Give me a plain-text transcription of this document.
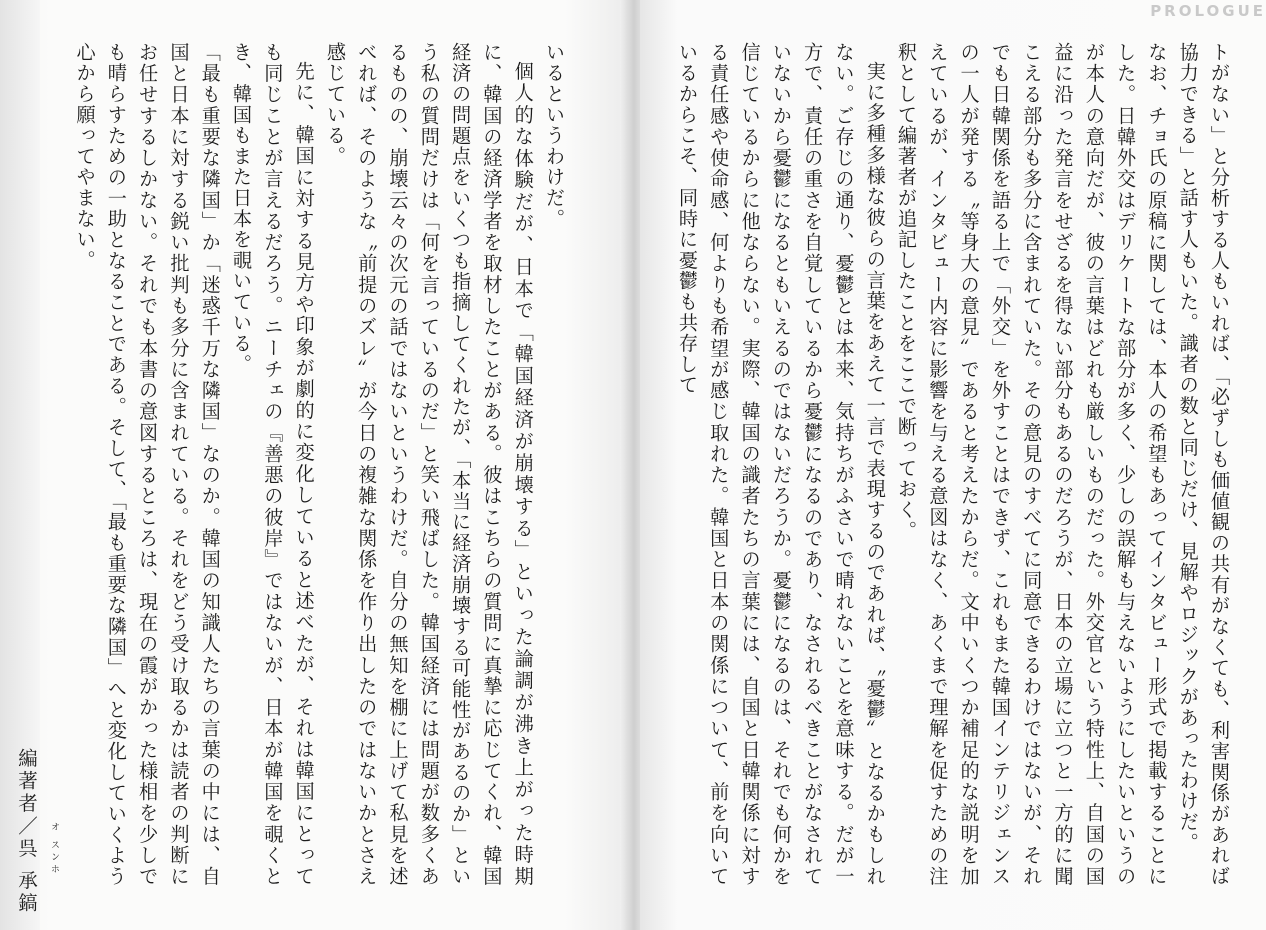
いるというわけだ。

個人的な体験だが、日本で「韓国経済が崩壊する」といった論調が沸き上がった時期に、韓国の経済学者を取材したことがある。彼はこちらの質問に真摯に応じてくれ、韓国経済の問題点をいくつも指摘してくれたが、「本当に経済崩壊する可能性があるのか」という私の質問だけは「何を言っているのだ」と笑い飛ばした。韓国経済には問題が数多くあるものの、崩壊云々の次元の話ではないというわけだ。自分の無知を棚に上げて私見を述べれば、そのような〝前提のズレ〟が今日の複雑な関係を作り出したのではないかとさえ感じている。

先に、韓国に対する見方や印象が劇的に変化していると述べたが、それは韓国にとっても同じことが言えるだろう。ニーチェの『善悪の彼岸』ではないが、日本が韓国を覗くとき、韓国もまた日本を覗いている。

「最も重要な隣国」か「迷惑千万な隣国」なのか。韓国の知識人たちの言葉の中には、自国と日本に対する鋭い批判も多分に含まれている。それをどう受け取るかは読者の判断にお任せするしかない。それでも本書の意図するところは、現在の霞がかった様相を少しでも晴らすための一助となることである。そして、「最も重要な隣国」へと変化していくよう心から願ってやまない。

編著者／呉 承鎬 オ スンホ
PROLOGUE

トがない」と分析する人もいれば、「必ずしも価値観の共有がなくても、利害関係があれば協力できる」と話す人もいた。識者の数と同じだけ、見解やロジックがあったわけだ。

なお、チョ氏の原稿に関しては、本人の希望もあってインタビュー形式で掲載することにした。日韓外交はデリケートな部分が多く、少しの誤解も与えないようにしたいというのが本人の意向だが、彼の言葉はどれも厳しいものだった。外交官という特性上、自国の国益に沿った発言をせざるを得ない部分もあるのだろうが、日本の立場に立つと一方的に聞こえる部分も多分に含まれていた。その意見のすべてに同意できるわけではないが、それでも日韓関係を語る上で「外交」を外すことはできず、これもまた韓国インテリジェンスの一人が発する〝等身大の意見〟であると考えたからだ。文中いくつか補足的な説明を加えているが、インタビュー内容に影響を与える意図はなく、あくまで理解を促すための注釈として編著者が追記したことをここで断っておく。

実に多種多様な彼らの言葉をあえて一言で表現するのであれば、〝憂鬱〟となるかもしれない。ご存じの通り、憂鬱とは本来、気持ちがふさいで晴れないことを意味する。だが一方で、責任の重さを自覚しているから憂鬱になるのであり、なされるべきことがなされていないから憂鬱になるともいえるのではないだろうか。憂鬱になるのは、それでも何かを信じているからに他ならない。実際、韓国の識者たちの言葉には、自国と日韓関係に対する責任感や使命感、何よりも希望が感じ取れた。韓国と日本の関係について、前を向いているからこそ、同時に憂鬱も共存して
